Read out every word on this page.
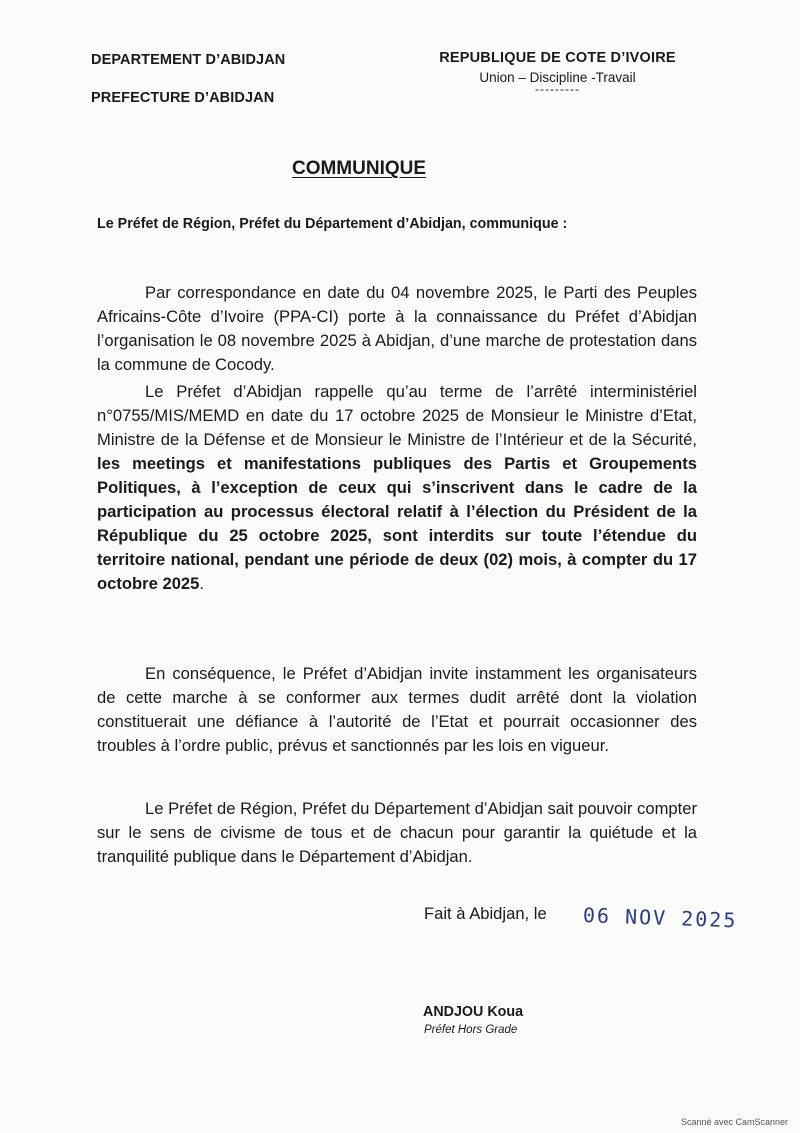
DEPARTEMENT D’ABIDJAN
PREFECTURE D’ABIDJAN
REPUBLIQUE DE COTE D’IVOIRE
Union – Discipline -Travail
---------
COMMUNIQUE
Le Préfet de Région, Préfet du Département d’Abidjan, communique :
Par correspondance en date du 04 novembre 2025, le Parti des Peuples Africains-Côte d’Ivoire (PPA-CI) porte à la connaissance du Préfet d’Abidjan l’organisation le 08 novembre 2025 à Abidjan, d’une marche de protestation dans la commune de Cocody.
Le Préfet d’Abidjan rappelle qu’au terme de l’arrêté interministériel n°0755/MIS/MEMD en date du 17 octobre 2025 de Monsieur le Ministre d’Etat, Ministre de la Défense et de Monsieur le Ministre de l’Intérieur et de la Sécurité, les meetings et manifestations publiques des Partis et Groupements Politiques, à l’exception de ceux qui s’inscrivent dans le cadre de la participation au processus électoral relatif à l’élection du Président de la République du 25 octobre 2025, sont interdits sur toute l’étendue du territoire national, pendant une période de deux (02) mois, à compter du 17 octobre 2025.
En conséquence, le Préfet d’Abidjan invite instamment les organisateurs de cette marche à se conformer aux termes dudit arrêté dont la violation constituerait une défiance à l’autorité de l’Etat et pourrait occasionner des troubles à l’ordre public, prévus et sanctionnés par les lois en vigueur.
Le Préfet de Région, Préfet du Département d’Abidjan sait pouvoir compter sur le sens de civisme de tous et de chacun pour garantir la quiétude et la tranquilité publique dans le Département d’Abidjan.
Fait à Abidjan, le 06 NOV 2025
ANDJOU Koua
Préfet Hors Grade
Scanné avec CamScanner
